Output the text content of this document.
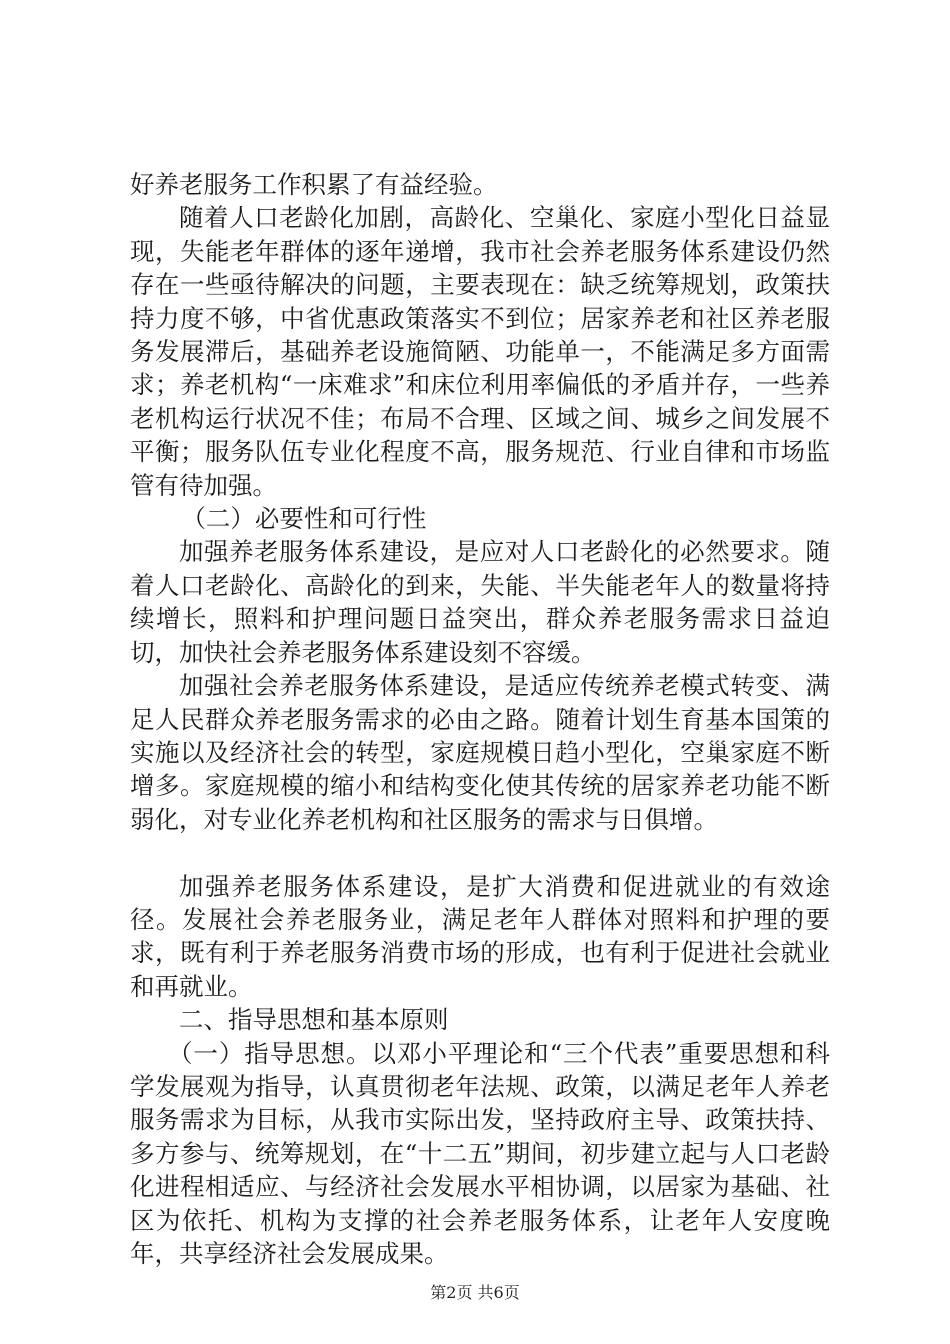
好养老服务工作积累了有益经验。

随着人口老龄化加剧，高龄化、空巢化、家庭小型化日益显现，失能老年群体的逐年递增，我市社会养老服务体系建设仍然存在一些亟待解决的问题，主要表现在：缺乏统筹规划，政策扶持力度不够，中省优惠政策落实不到位；居家养老和社区养老服务发展滞后，基础养老设施简陋、功能单一，不能满足多方面需求；养老机构“一床难求”和床位利用率偏低的矛盾并存，一些养老机构运行状况不佳；布局不合理、区域之间、城乡之间发展不平衡；服务队伍专业化程度不高，服务规范、行业自律和市场监管有待加强。

（二）必要性和可行性

加强养老服务体系建设，是应对人口老龄化的必然要求。随着人口老龄化、高龄化的到来，失能、半失能老年人的数量将持续增长，照料和护理问题日益突出，群众养老服务需求日益迫切，加快社会养老服务体系建设刻不容缓。

加强社会养老服务体系建设，是适应传统养老模式转变、满足人民群众养老服务需求的必由之路。随着计划生育基本国策的实施以及经济社会的转型，家庭规模日趋小型化，空巢家庭不断增多。家庭规模的缩小和结构变化使其传统的居家养老功能不断弱化，对专业化养老机构和社区服务的需求与日俱增。

加强养老服务体系建设，是扩大消费和促进就业的有效途径。发展社会养老服务业，满足老年人群体对照料和护理的要求，既有利于养老服务消费市场的形成，也有利于促进社会就业和再就业。

二、指导思想和基本原则

（一）指导思想。以邓小平理论和“三个代表”重要思想和科学发展观为指导，认真贯彻老年法规、政策，以满足老年人养老服务需求为目标，从我市实际出发，坚持政府主导、政策扶持、多方参与、统筹规划，在“十二五”期间，初步建立起与人口老龄化进程相适应、与经济社会发展水平相协调，以居家为基础、社区为依托、机构为支撑的社会养老服务体系，让老年人安度晚年，共享经济社会发展成果。

第2页 共6页
